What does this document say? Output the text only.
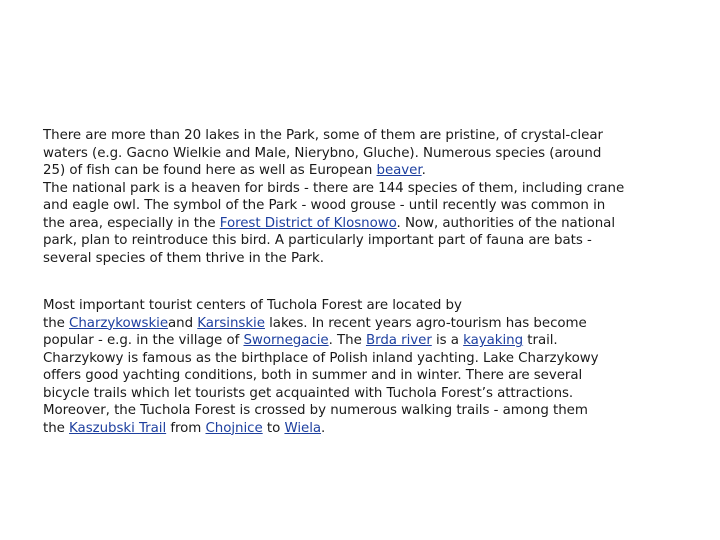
There are more than 20 lakes in the Park, some of them are pristine, of crystal-clear
waters (e.g. Gacno Wielkie and Male, Nierybno, Gluche). Numerous species (around
25) of fish can be found here as well as European beaver.
The national park is a heaven for birds - there are 144 species of them, including crane
and eagle owl. The symbol of the Park - wood grouse - until recently was common in
the area, especially in the Forest District of Klosnowo. Now, authorities of the national
park, plan to reintroduce this bird. A particularly important part of fauna are bats -
several species of them thrive in the Park.
Most important tourist centers of Tuchola Forest are located by
the Charzykowskieand Karsinskie lakes. In recent years agro-tourism has become
popular - e.g. in the village of Swornegacie. The Brda river is a kayaking trail.
Charzykowy is famous as the birthplace of Polish inland yachting. Lake Charzykowy
offers good yachting conditions, both in summer and in winter. There are several
bicycle trails which let tourists get acquainted with Tuchola Forest’s attractions.
Moreover, the Tuchola Forest is crossed by numerous walking trails - among them
the Kaszubski Trail from Chojnice to Wiela.
